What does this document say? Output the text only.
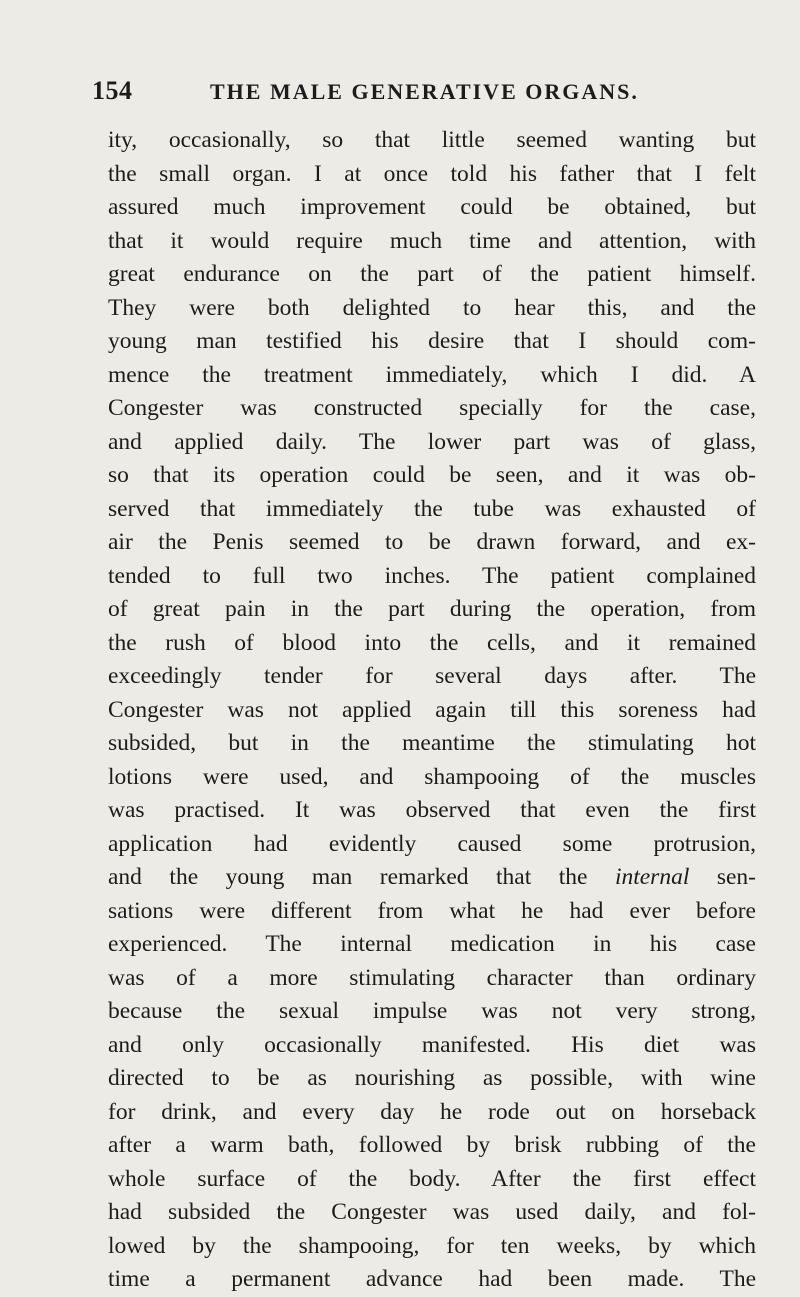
154	THE MALE GENERATIVE ORGANS.
ity, occasionally, so that little seemed wanting but
the small organ. I at once told his father that I felt
assured much improvement could be obtained, but
that it would require much time and attention, with
great endurance on the part of the patient himself.
They were both delighted to hear this, and the
young man testified his desire that I should com-
mence the treatment immediately, which I did. A
Congester was constructed specially for the case,
and applied daily. The lower part was of glass,
so that its operation could be seen, and it was ob-
served that immediately the tube was exhausted of
air the Penis seemed to be drawn forward, and ex-
tended to full two inches. The patient complained
of great pain in the part during the operation, from
the rush of blood into the cells, and it remained
exceedingly tender for several days after. The
Congester was not applied again till this soreness had
subsided, but in the meantime the stimulating hot
lotions were used, and shampooing of the muscles
was practised. It was observed that even the first
application had evidently caused some protrusion,
and the young man remarked that the internal sen-
sations were different from what he had ever before
experienced. The internal medication in his case
was of a more stimulating character than ordinary
because the sexual impulse was not very strong,
and only occasionally manifested. His diet was
directed to be as nourishing as possible, with wine
for drink, and every day he rode out on horseback
after a warm bath, followed by brisk rubbing of the
whole surface of the body. After the first effect
had subsided the Congester was used daily, and fol-
lowed by the shampooing, for ten weeks, by which
time a permanent advance had been made. The
